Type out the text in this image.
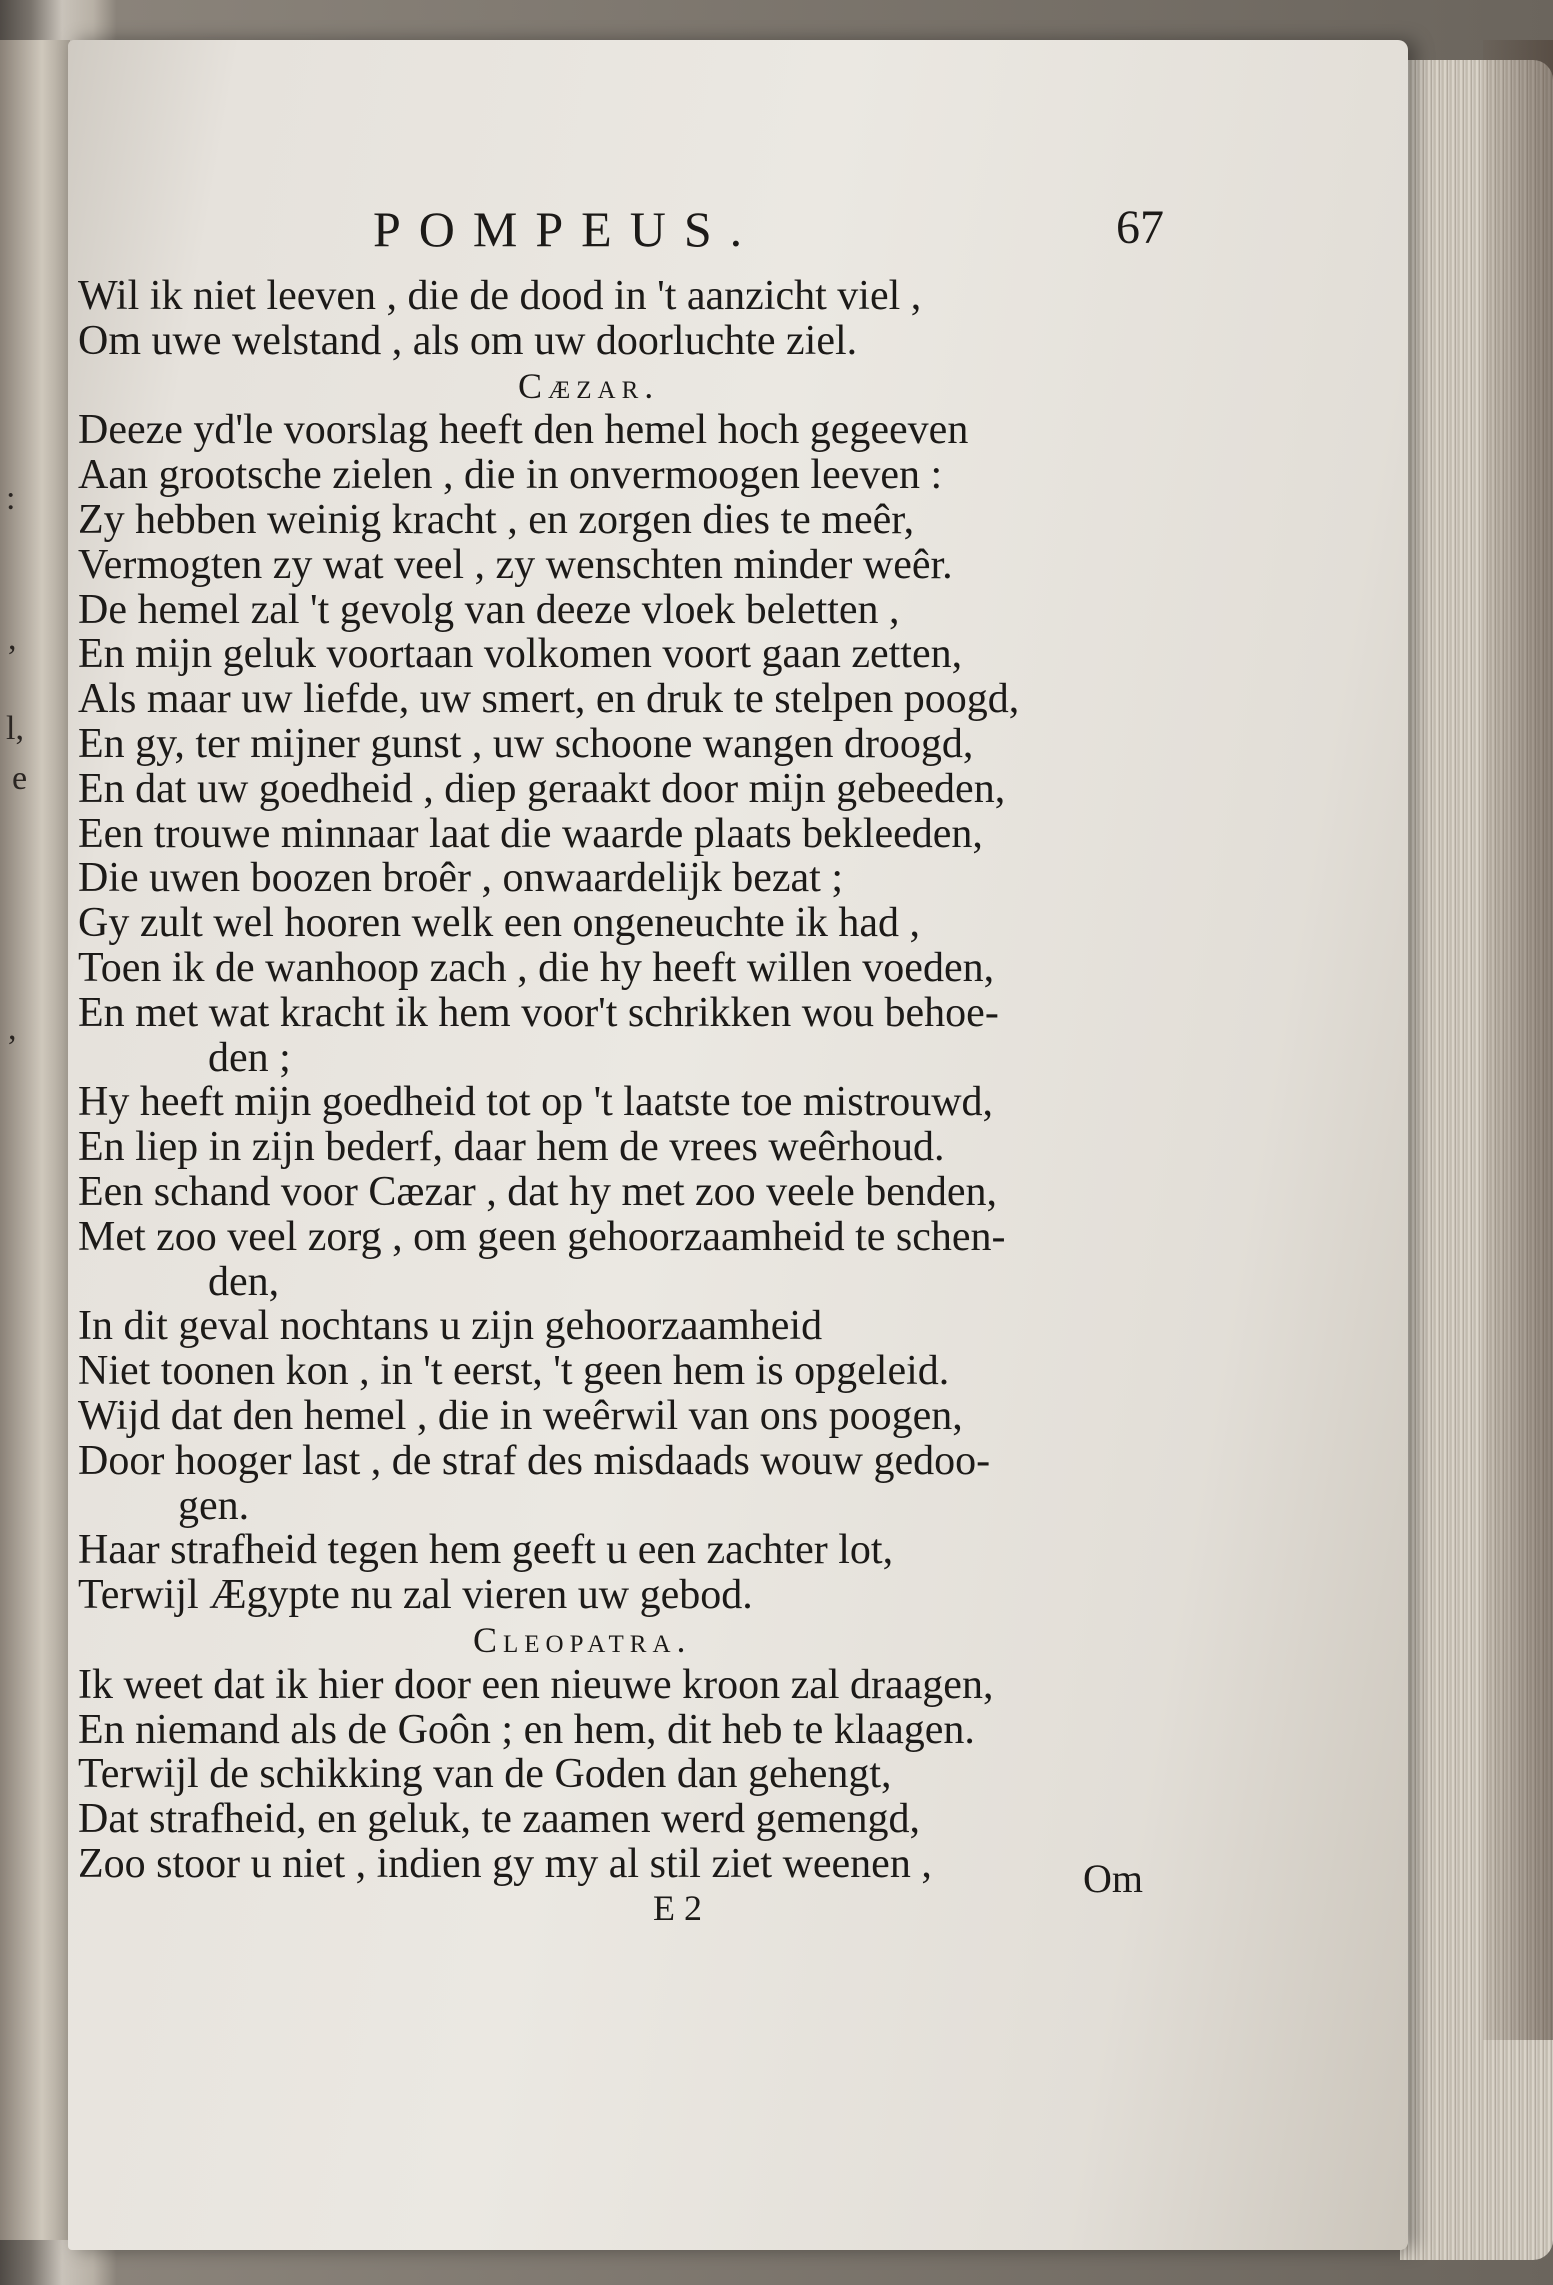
:
,
l,
e
,
POMPEUS.	67
Wil ik niet leeven , die de dood in 't aanzicht viel ,
Om uwe welstand , als om uw doorluchte ziel.
Cæzar.
Deeze yd'le voorslag heeft den hemel hoch gegeeven
Aan grootsche zielen , die in onvermoogen leeven :
Zy hebben weinig kracht , en zorgen dies te meêr,
Vermogten zy wat veel , zy wenschten minder weêr.
De hemel zal 't gevolg van deeze vloek beletten ,
En mijn geluk voortaan volkomen voort gaan zetten,
Als maar uw liefde, uw smert, en druk te stelpen poogd,
En gy, ter mijner gunst , uw schoone wangen droogd,
En dat uw goedheid , diep geraakt door mijn gebeeden,
Een trouwe minnaar laat die waarde plaats bekleeden,
Die uwen boozen broêr , onwaardelijk bezat ;
Gy zult wel hooren welk een ongeneuchte ik had ,
Toen ik de wanhoop zach , die hy heeft willen voeden,
En met wat kracht ik hem voor't schrikken wou behoe-
den ;
Hy heeft mijn goedheid tot op 't laatste toe mistrouwd,
En liep in zijn bederf, daar hem de vrees weêrhoud.
Een schand voor Cæzar , dat hy met zoo veele benden,
Met zoo veel zorg , om geen gehoorzaamheid te schen-
den,
In dit geval nochtans u zijn gehoorzaamheid
Niet toonen kon , in 't eerst, 't geen hem is opgeleid.
Wijd dat den hemel , die in weêrwil van ons poogen,
Door hooger last , de straf des misdaads wouw gedoo-
gen.
Haar strafheid tegen hem geeft u een zachter lot,
Terwijl Ægypte nu zal vieren uw gebod.
Cleopatra.
Ik weet dat ik hier door een nieuwe kroon zal draagen,
En niemand als de Goôn ; en hem, dit heb te klaagen.
Terwijl de schikking van de Goden dan gehengt,
Dat strafheid, en geluk, te zaamen werd gemengd,
Zoo stoor u niet , indien gy my al stil ziet weenen ,
E 2
Om
